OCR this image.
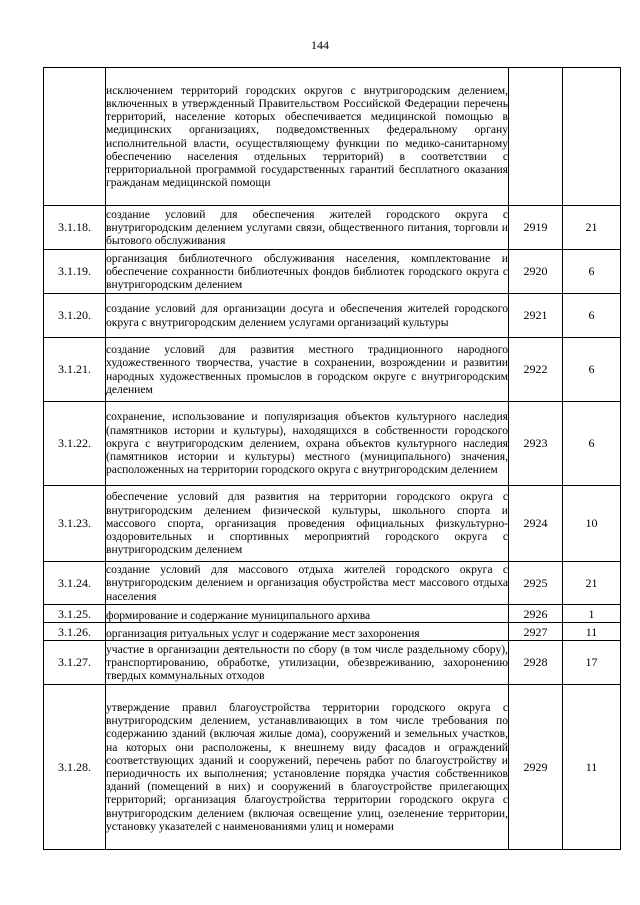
144
	исключением территорий городских округов с внутригородским делением, включенных в утвержденный Правительством Российской Федерации перечень территорий, население которых обеспечивается медицинской помощью в медицинских организациях, подведомственных федеральному органу исполнительной власти, осуществляющему функции по медико-санитарному обеспечению населения отдельных территорий) в соответствии с территориальной программой государственных гарантий бесплатного оказания гражданам медицинской помощи		
3.1.18.	создание условий для обеспечения жителей городского округа с внутригородским делением услугами связи, общественного питания, торговли и бытового обслуживания	2919	21
3.1.19.	организация библиотечного обслуживания населения, комплектование и обеспечение сохранности библиотечных фондов библиотек городского округа с внутригородским делением	2920	6
3.1.20.	создание условий для организации досуга и обеспечения жителей городского округа с внутригородским делением услугами организаций культуры	2921	6
3.1.21.	создание условий для развития местного традиционного народного художественного творчества, участие в сохранении, возрождении и развитии народных художественных промыслов в городском округе с внутригородским делением	2922	6
3.1.22.	сохранение, использование и популяризация объектов культурного наследия (памятников истории и культуры), находящихся в собственности городского округа с внутригородским делением, охрана объектов культурного наследия (памятников истории и культуры) местного (муниципального) значения, расположенных на территории городского округа с внутригородским делением	2923	6
3.1.23.	обеспечение условий для развития на территории городского округа с внутригородским делением физической культуры, школьного спорта и массового спорта, организация проведения официальных физкультурно-оздоровительных и спортивных мероприятий городского округа с внутригородским делением	2924	10
3.1.24.	создание условий для массового отдыха жителей городского округа с внутригородским делением и организация обустройства мест массового отдыха населения	2925	21
3.1.25.	формирование и содержание муниципального архива	2926	1
3.1.26.	организация ритуальных услуг и содержание мест захоронения	2927	11
3.1.27.	участие в организации деятельности по сбору (в том числе раздельному сбору), транспортированию, обработке, утилизации, обезвреживанию, захоронению твердых коммунальных отходов	2928	17
3.1.28.	утверждение правил благоустройства территории городского округа с внутригородским делением, устанавливающих в том числе требования по содержанию зданий (включая жилые дома), сооружений и земельных участков, на которых они расположены, к внешнему виду фасадов и ограждений соответствующих зданий и сооружений, перечень работ по благоустройству и периодичность их выполнения; установление порядка участия собственников зданий (помещений в них) и сооружений в благоустройстве прилегающих территорий; организация благоустройства территории городского округа с внутригородским делением (включая освещение улиц, озеленение территории, установку указателей с наименованиями улиц и номерами	2929	11
